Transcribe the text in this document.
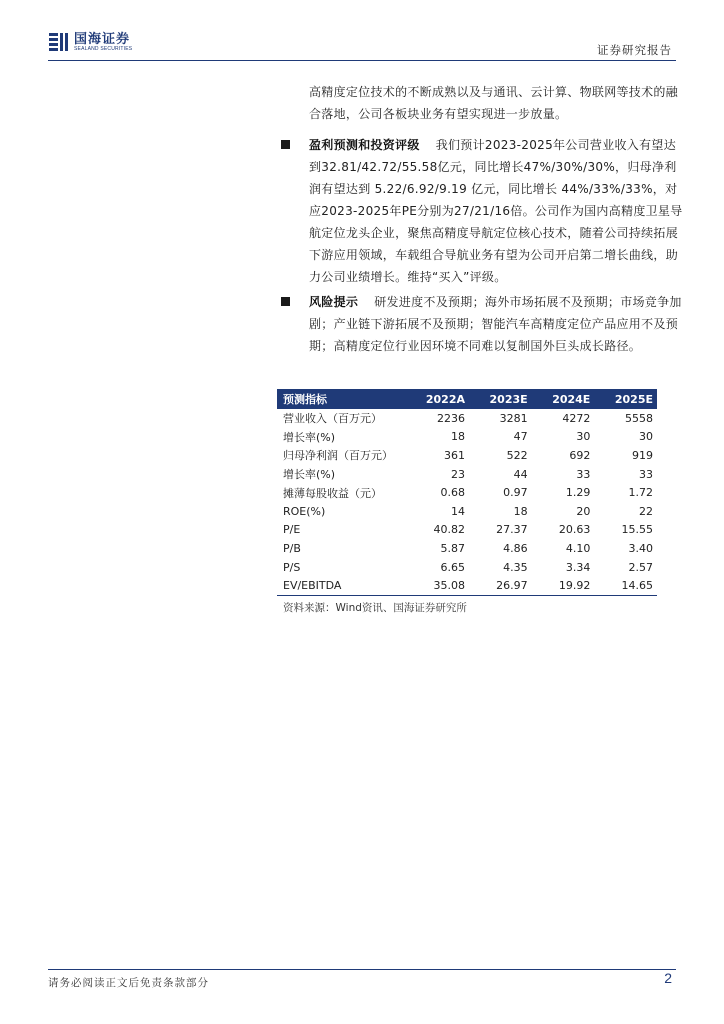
国海证券
SEALAND SECURITIES	证券研究报告
高精度定位技术的不断成熟以及与通讯、云计算、物联网等技术的融合落地，公司各板块业务有望实现进一步放量。
盈利预测和投资评级 我们预计2023-2025年公司营业收入有望达到32.81/42.72/55.58亿元，同比增长47%/30%/30%，归母净利润有望达到 5.22/6.92/9.19 亿元，同比增长 44%/33%/33%，对应2023-2025年PE分别为27/21/16倍。公司作为国内高精度卫星导航定位龙头企业，聚焦高精度导航定位核心技术，随着公司持续拓展下游应用领域，车载组合导航业务有望为公司开启第二增长曲线，助力公司业绩增长。维持“买入”评级。
风险提示 研发进度不及预期；海外市场拓展不及预期；市场竞争加剧；产业链下游拓展不及预期；智能汽车高精度定位产品应用不及预期；高精度定位行业因环境不同难以复制国外巨头成长路径。
预测指标	2022A	2023E	2024E	2025E
营业收入（百万元）	2236	3281	4272	5558
增长率(%)	18	47	30	30
归母净利润（百万元）	361	522	692	919
增长率(%)	23	44	33	33
摊薄每股收益（元）	0.68	0.97	1.29	1.72
ROE(%)	14	18	20	22
P/E	40.82	27.37	20.63	15.55
P/B	5.87	4.86	4.10	3.40
P/S	6.65	4.35	3.34	2.57
EV/EBITDA	35.08	26.97	19.92	14.65
资料来源：Wind资讯、国海证券研究所
请务必阅读正文后免责条款部分	2
